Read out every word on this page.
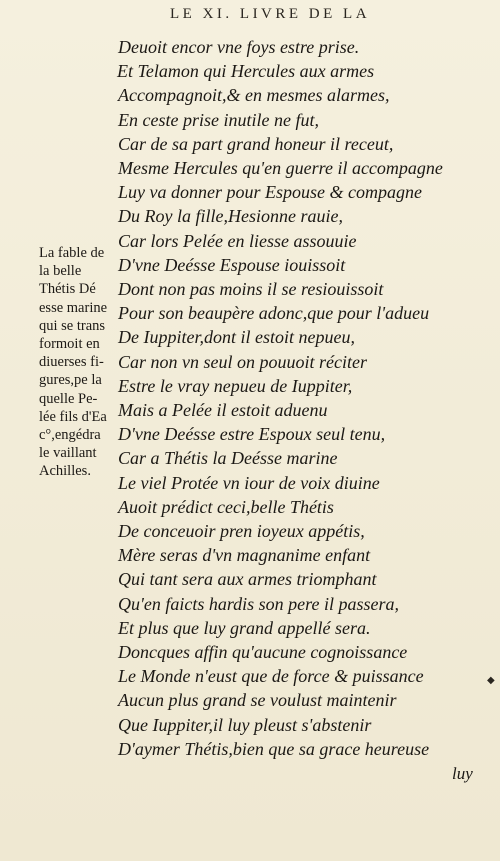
LE XI. LIVRE DE LA
Deuoit encor vne foys estre prise.
Et Telamon qui Hercules aux armes
Accompagnoit,& en mesmes alarmes,
En ceste prise inutile ne fut,
Car de sa part grand honeur il receut,
Mesme Hercules qu'en guerre il accompagne
Luy va donner pour Espouse & compagne
Du Roy la fille,Hesionne rauie,
Car lors Pelée en liesse assouuie
D'vne Deésse Espouse iouissoit
Dont non pas moins il se resiouissoit
Pour son beaupère adonc,que pour l'adueu
De Iuppiter,dont il estoit nepueu,
Car non vn seul on pouuoit réciter
Estre le vray nepueu de Iuppiter,
Mais a Pelée il estoit aduenu
D'vne Deésse estre Espoux seul tenu,
Car a Thétis la Deésse marine
Le viel Protée vn iour de voix diuine
Auoit prédict ceci,belle Thétis
De conceuoir pren ioyeux appétis,
Mère seras d'vn magnanime enfant
Qui tant sera aux armes triomphant
Qu'en faicts hardis son pere il passera,
Et plus que luy grand appellé sera.
Doncques affin qu'aucune cognoissance
Le Monde n'eust que de force & puissance
Aucun plus grand se voulust maintenir
Que Iuppiter,il luy pleust s'abstenir
D'aymer Thétis,bien que sa grace heureuse
La fable de
la belle
Thétis Dé
esse marine
qui se trans
formoit en
diuerses fi-
gures,pe la
quelle Pe-
lée fils d'Ea
c°,engédra
le vaillant
Achilles.
luy
◆
